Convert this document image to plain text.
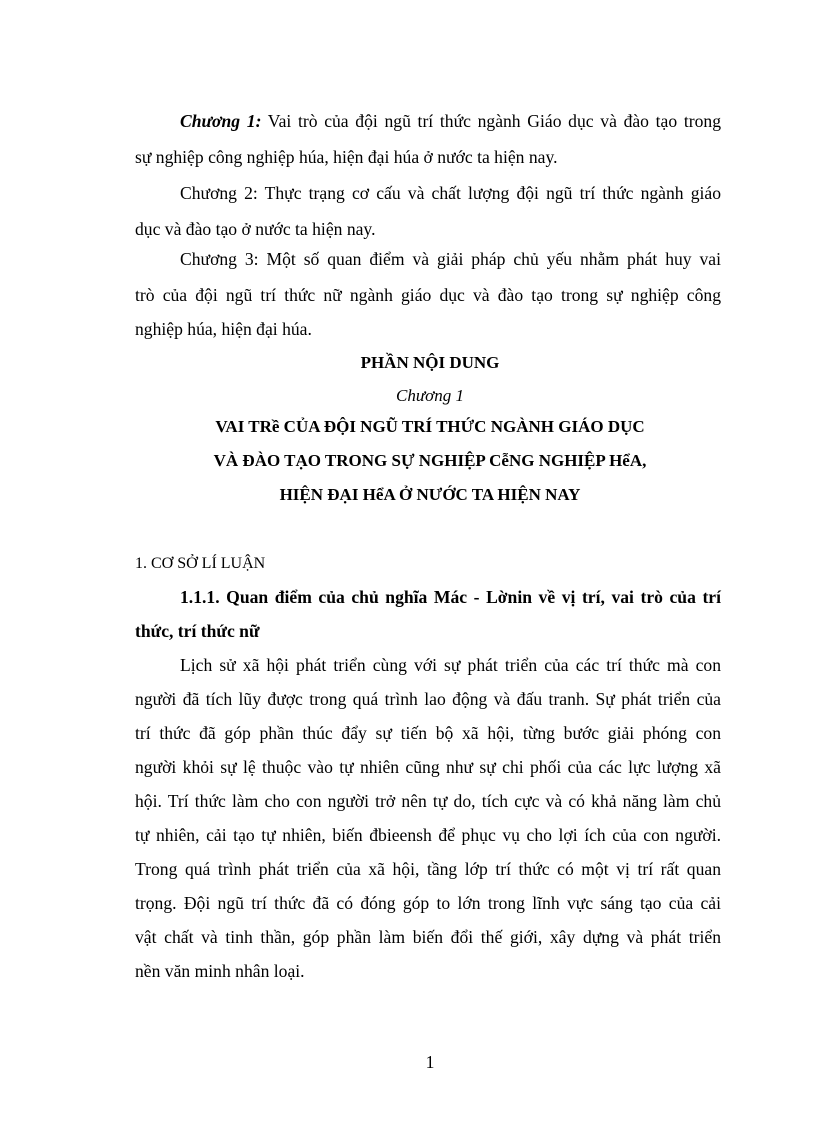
Chương 1: Vai trò của đội ngũ trí thức ngành Giáo dục và đào tạo trong
sự nghiệp công nghiệp húa, hiện đại húa ở nước ta hiện nay.
Chương 2: Thực trạng cơ cấu và chất lượng đội ngũ trí thức ngành giáo
dục và đào tạo ở nước ta hiện nay.
Chương 3: Một số quan điểm và giải pháp chủ yếu nhằm phát huy vai
trò của đội ngũ trí thức nữ ngành giáo dục và đào tạo trong sự nghiệp công
nghiệp húa, hiện đại húa.
PHẦN NỘI DUNG
Chương 1
VAI TRề CỦA ĐỘI NGŨ TRÍ THỨC NGÀNH GIÁO DỤC
VÀ ĐÀO TẠO TRONG SỰ NGHIỆP CễNG NGHIỆP HểA,
HIỆN ĐẠI HểA Ở NƯỚC TA HIỆN NAY
1. CƠ SỞ LÍ LUẬN
1.1.1. Quan điểm của chủ nghĩa Mác - Lờnin về vị trí, vai trò của trí
thức, trí thức nữ
Lịch sử xã hội phát triển cùng với sự phát triển của các trí thức mà con
người đã tích lũy được trong quá trình lao động và đấu tranh. Sự phát triển của
trí thức đã góp phần thúc đẩy sự tiến bộ xã hội, từng bước giải phóng con
người khỏi sự lệ thuộc vào tự nhiên cũng như sự chi phối của các lực lượng xã
hội. Trí thức làm cho con người trở nên tự do, tích cực và có khả năng làm chủ
tự nhiên, cải tạo tự nhiên, biến đbieensh để phục vụ cho lợi ích của con người.
Trong quá trình phát triển của xã hội, tầng lớp trí thức có một vị trí rất quan
trọng. Đội ngũ trí thức đã có đóng góp to lớn trong lĩnh vực sáng tạo của cải
vật chất và tinh thần, góp phần làm biến đổi thế giới, xây dựng và phát triển
nền văn minh nhân loại.
1
